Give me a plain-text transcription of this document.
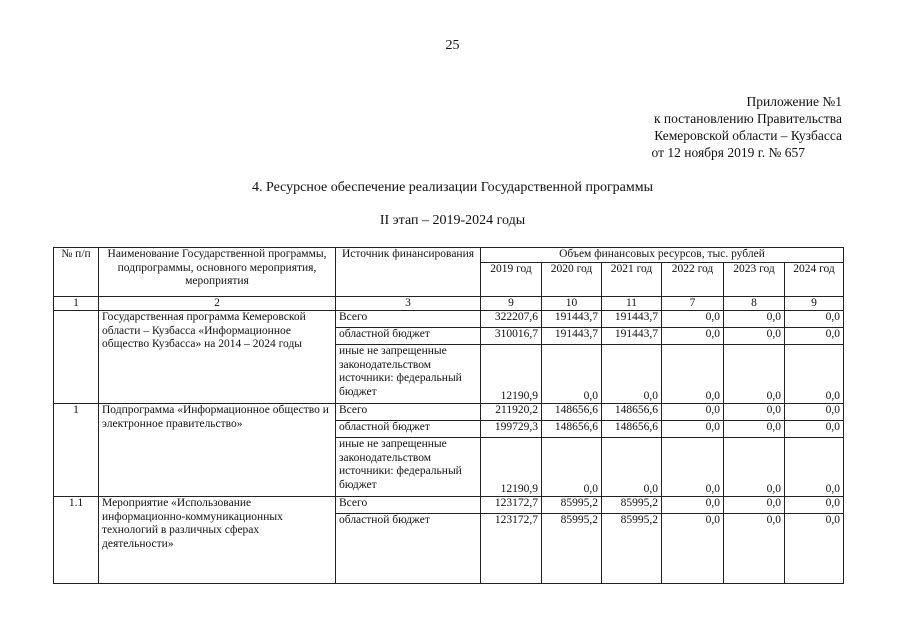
25
Приложение №1
к постановлению Правительства
Кемеровской области – Кузбасса
от 12 ноября 2019 г. № 657
4. Ресурсное обеспечение реализации Государственной программы
II этап – 2019-2024 годы
№ п/п	Наименование Государственной программы, подпрограммы, основного мероприятия, мероприятия	Источник финансирования	Объем финансовых ресурсов, тыс. рублей					
			2019 год	2020 год	2021 год	2022 год	2023 год	2024 год
1	2	3	9	10	11	7	8	9
	Государственная программа Кемеровской области – Кузбасса «Информационное общество Кузбасса» на 2014 – 2024 годы	Всего	322207,6	191443,7	191443,7	0,0	0,0	0,0
		областной бюджет	310016,7	191443,7	191443,7	0,0	0,0	0,0
		иные не запрещенные законодательством источники: федеральный бюджет	12190,9	0,0	0,0	0,0	0,0	0,0
1	Подпрограмма «Информационное общество и электронное правительство»	Всего	211920,2	148656,6	148656,6	0,0	0,0	0,0
		областной бюджет	199729,3	148656,6	148656,6	0,0	0,0	0,0
		иные не запрещенные законодательством источники: федеральный бюджет	12190,9	0,0	0,0	0,0	0,0	0,0
1.1	Мероприятие «Использование информационно-коммуникационных технологий в различных сферах деятельности»	Всего	123172,7	85995,2	85995,2	0,0	0,0	0,0
		областной бюджет	123172,7	85995,2	85995,2	0,0	0,0	0,0
